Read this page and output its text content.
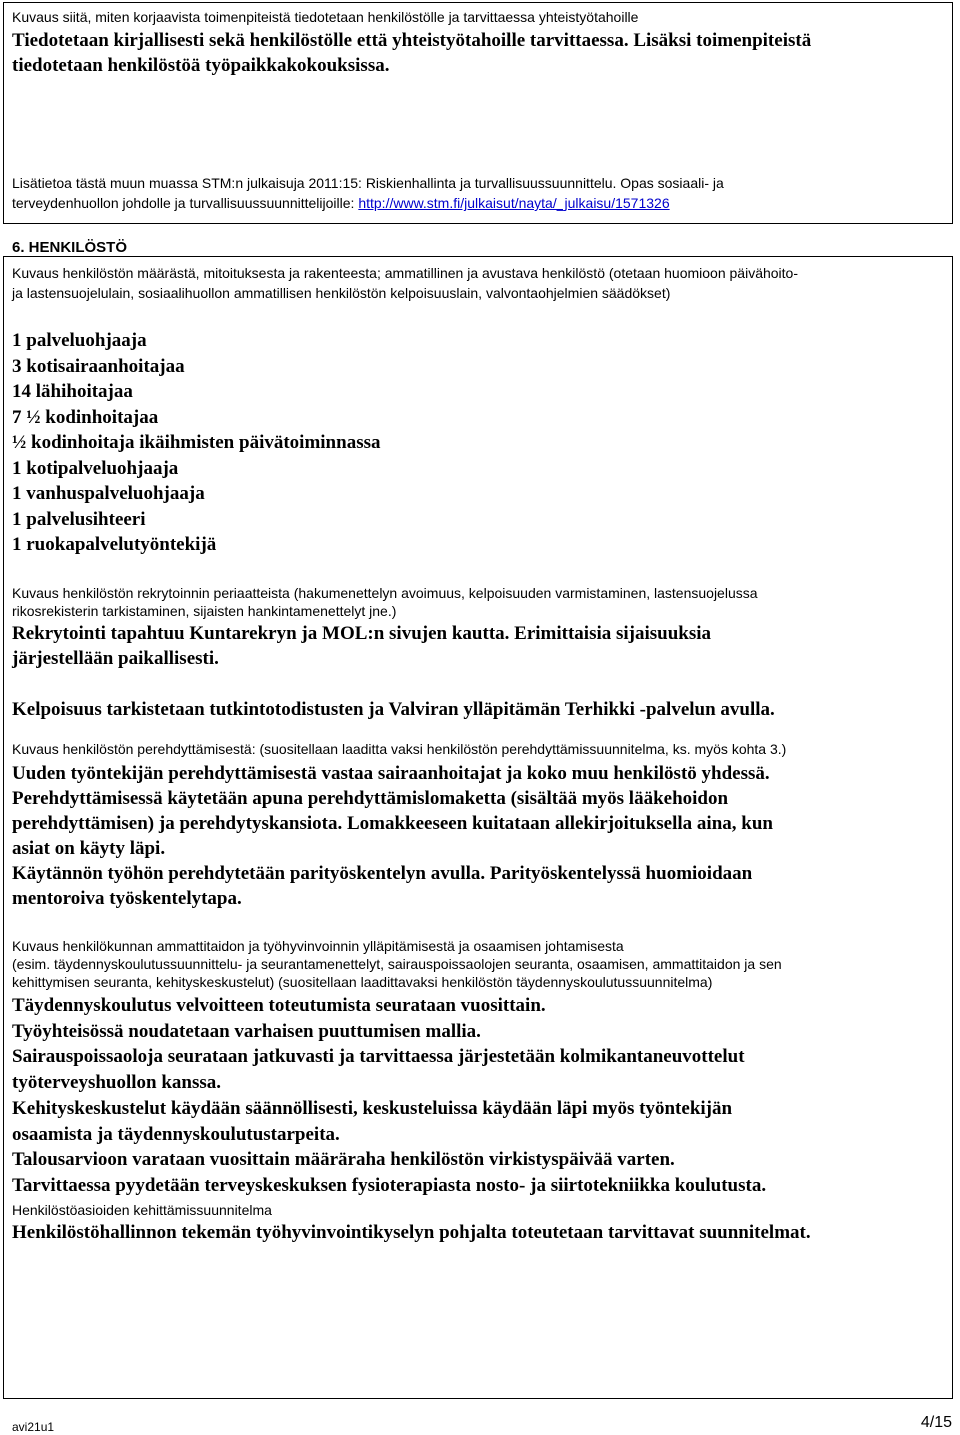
Kuvaus siitä, miten korjaavista toimenpiteistä tiedotetaan henkilöstölle ja tarvittaessa yhteistyötahoille
Tiedotetaan kirjallisesti sekä henkilöstölle että yhteistyötahoille tarvittaessa. Lisäksi toimenpiteistä
tiedotetaan henkilöstöä työpaikkakokouksissa.
Lisätietoa tästä muun muassa STM:n julkaisuja 2011:15: Riskienhallinta ja turvallisuussuunnittelu. Opas sosiaali- ja
terveydenhuollon johdolle ja turvallisuussuunnittelijoille: http://www.stm.fi/julkaisut/nayta/_julkaisu/1571326
6. HENKILÖSTÖ
Kuvaus henkilöstön määrästä, mitoituksesta ja rakenteesta; ammatillinen ja avustava henkilöstö (otetaan huomioon päivähoito-
ja lastensuojelulain, sosiaalihuollon ammatillisen henkilöstön kelpoisuuslain, valvontaohjelmien säädökset)
1 palveluohjaaja
3 kotisairaanhoitajaa
14 lähihoitajaa
7 ½ kodinhoitajaa
½ kodinhoitaja ikäihmisten päivätoiminnassa
1 kotipalveluohjaaja
1 vanhuspalveluohjaaja
1 palvelusihteeri
1 ruokapalvelutyöntekijä
Kuvaus henkilöstön rekrytoinnin periaatteista (hakumenettelyn avoimuus, kelpoisuuden varmistaminen, lastensuojelussa
rikosrekisterin tarkistaminen, sijaisten hankintamenettelyt jne.)
Rekrytointi tapahtuu Kuntarekryn ja MOL:n sivujen kautta. Erimittaisia sijaisuuksia
järjestellään paikallisesti.
Kelpoisuus tarkistetaan tutkintotodistusten ja Valviran ylläpitämän Terhikki -palvelun avulla.
Kuvaus henkilöstön perehdyttämisestä: (suositellaan laaditta vaksi henkilöstön perehdyttämissuunnitelma, ks. myös kohta 3.)
Uuden työntekijän perehdyttämisestä vastaa sairaanhoitajat ja koko muu henkilöstö yhdessä.
Perehdyttämisessä käytetään apuna perehdyttämislomaketta (sisältää myös lääkehoidon
perehdyttämisen) ja perehdytyskansiota. Lomakkeeseen kuitataan allekirjoituksella aina, kun
asiat on käyty läpi.
Käytännön työhön perehdytetään parityöskentelyn avulla. Parityöskentelyssä huomioidaan
mentoroiva työskentelytapa.
Kuvaus henkilökunnan ammattitaidon ja työhyvinvoinnin ylläpitämisestä ja osaamisen johtamisesta
(esim. täydennyskoulutussuunnittelu- ja seurantamenettelyt, sairauspoissaolojen seuranta, osaamisen, ammattitaidon ja sen
kehittymisen seuranta, kehityskeskustelut) (suositellaan laadittavaksi henkilöstön täydennyskoulutussuunnitelma)
Täydennyskoulutus velvoitteen toteutumista seurataan vuosittain.
Työyhteisössä noudatetaan varhaisen puuttumisen mallia.
Sairauspoissaoloja seurataan jatkuvasti ja tarvittaessa järjestetään kolmikantaneuvottelut
työterveyshuollon kanssa.
Kehityskeskustelut käydään säännöllisesti, keskusteluissa käydään läpi myös työntekijän
osaamista ja täydennyskoulutustarpeita.
Talousarvioon varataan vuosittain määräraha henkilöstön virkistyspäivää varten.
Tarvittaessa pyydetään terveyskeskuksen fysioterapiasta nosto- ja siirtotekniikka koulutusta.
Henkilöstöasioiden kehittämissuunnitelma
Henkilöstöhallinnon tekemän työhyvinvointikyselyn pohjalta toteutetaan tarvittavat suunnitelmat.
avi21u1	4/15
